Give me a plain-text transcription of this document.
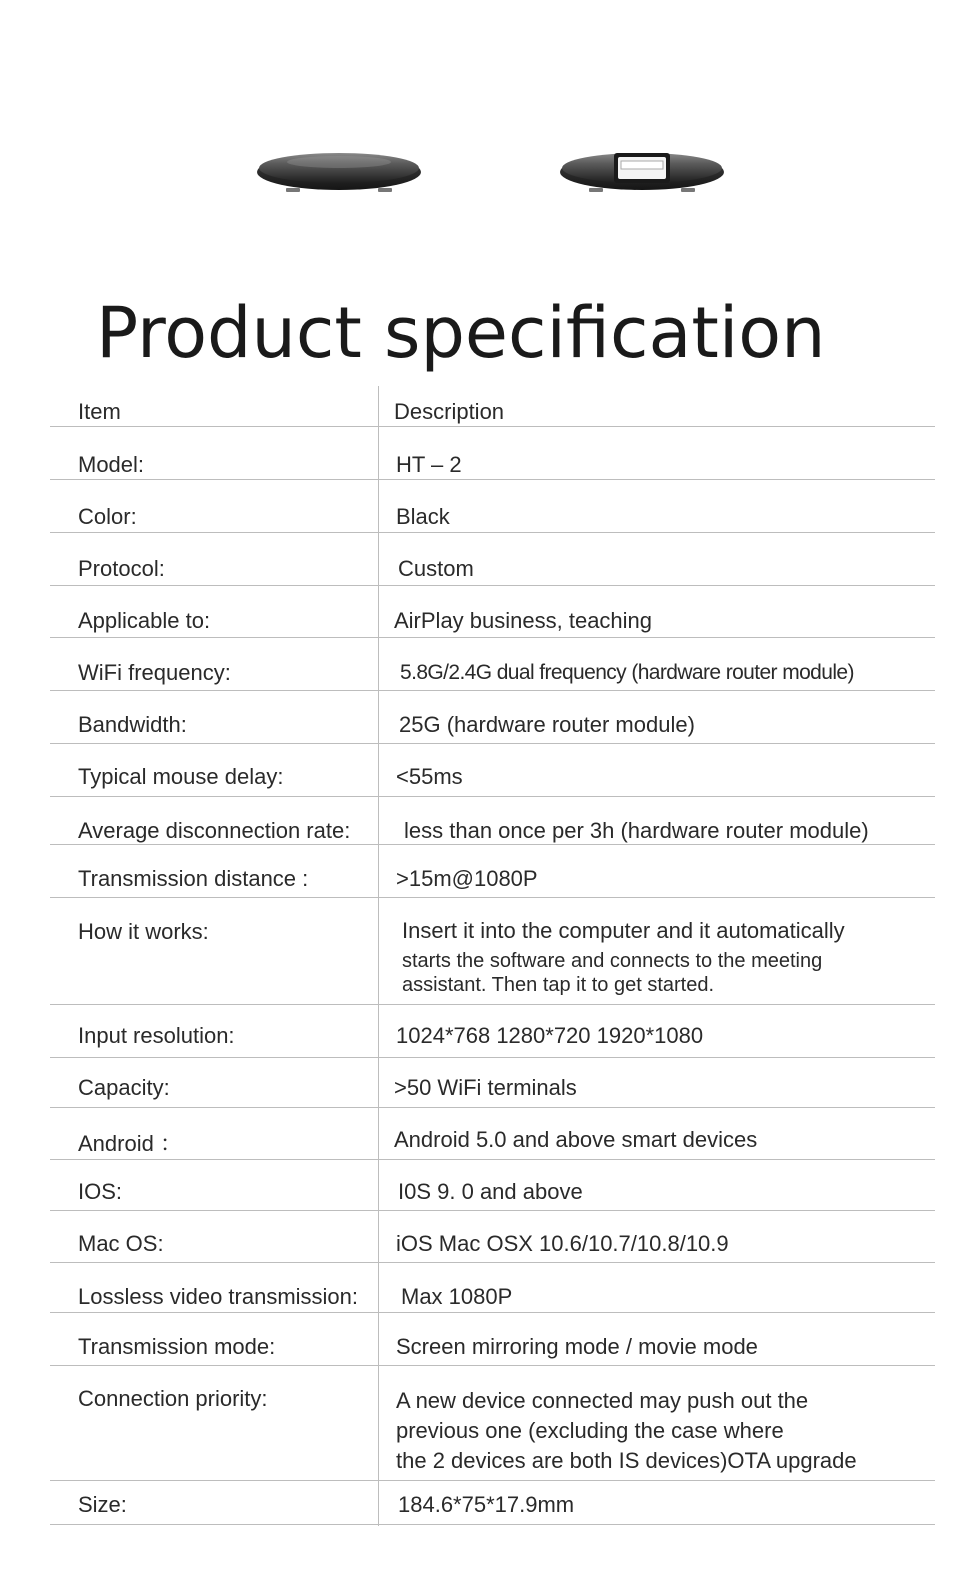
Product specification
Item	Description
Model:	HT – 2
Color:	Black
Protocol:	Custom
Applicable to:	AirPlay business, teaching
WiFi frequency:	5.8G/2.4G dual frequency (hardware router module)
Bandwidth:	25G (hardware router module)
Typical mouse delay:	<55ms
Average disconnection rate: less than once per 3h (hardware router module)
Transmission distance :	>15m@1080P
How it works:	Insert it into the computer and it automatically
starts the software and connects to the meeting
assistant. Then tap it to get started.
Input resolution:	1024*768 1280*720 1920*1080
Capacity:	>50 WiFi terminals
Android ：	Android 5.0 and above smart devices
IOS:	I0S 9. 0 and above
Mac OS:	iOS Mac OSX 10.6/10.7/10.8/10.9
Lossless video transmission: Max 1080P
Transmission mode:	Screen mirroring mode / movie mode
Connection priority:	A new device connected may push out the
previous one (excluding the case where
the 2 devices are both IS devices)OTA upgrade
Size:	184.6*75*17.9mm
